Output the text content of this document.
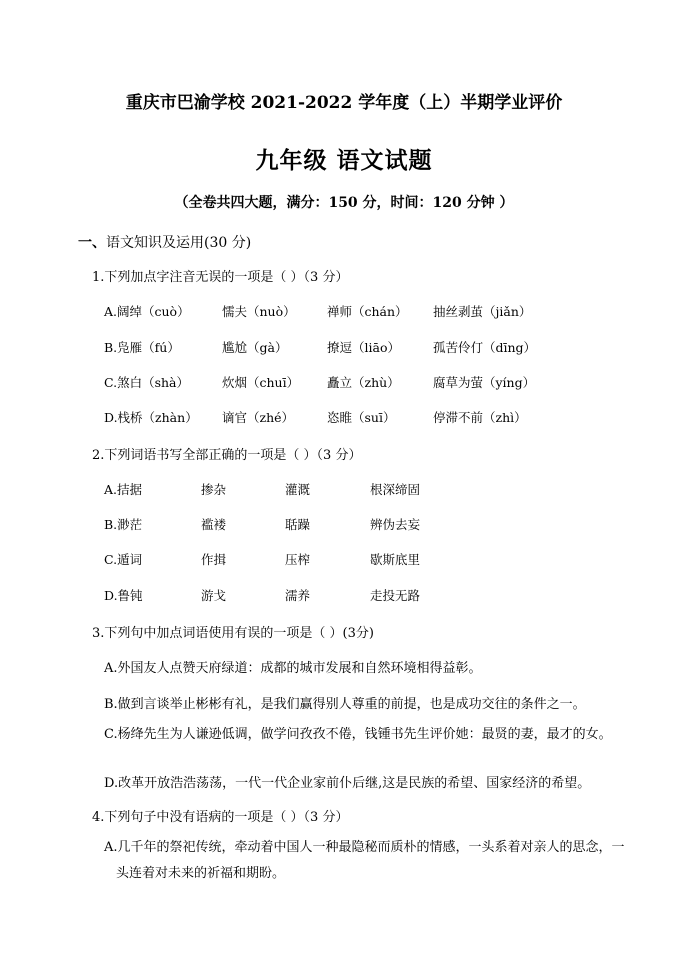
重庆市巴渝学校 2021-2022 学年度（上）半期学业评价
九年级 语文试题
（全卷共四大题，满分：150 分，时间：120 分钟 ）
一、语文知识及运用(30 分)
1.下列加点字注音无误的一项是（ ）（3 分）
A.阔绰（cuò）	懦夫（nuò）	禅师（chán） 抽丝剥茧（jiǎn）
B.凫雁（fú）	尴尬（gà）	撩逗（liāo）	孤苦伶仃（dīng）
C.煞白（shà）	炊烟（chuī） 矗立（zhù）	腐草为萤（yíng）
D.栈桥（zhàn） 谪官（zhé）	恣睢（suī）	停滞不前（zhì）
2.下列词语书写全部正确的一项是（ ）（3 分）
A.拮据	掺杂	灌溉	根深缔固
B.渺茫	褴褛	聒躁	辨伪去妄
C.遁词	作揖	压榨	歇斯底里
D.鲁钝	游戈	濡养	走投无路
3.下列句中加点词语使用有误的一项是（ ）(3分)
A.外国友人点赞天府绿道：成都的城市发展和自然环境相得益彰。
B.做到言谈举止彬彬有礼，是我们赢得别人尊重的前提，也是成功交往的条件之一。
C.杨绛先生为人谦逊低调，做学问孜孜不倦，钱锺书先生评价她：最贤的妻，最才的女。
D.改革开放浩浩荡荡，一代一代企业家前仆后继,这是民族的希望、国家经济的希望。
4.下列句子中没有语病的一项是（ ）（3 分）
A.几千年的祭祀传统，牵动着中国人一种最隐秘而质朴的情感，一头系着对亲人的思念，一头连着对未来的祈福和期盼。
